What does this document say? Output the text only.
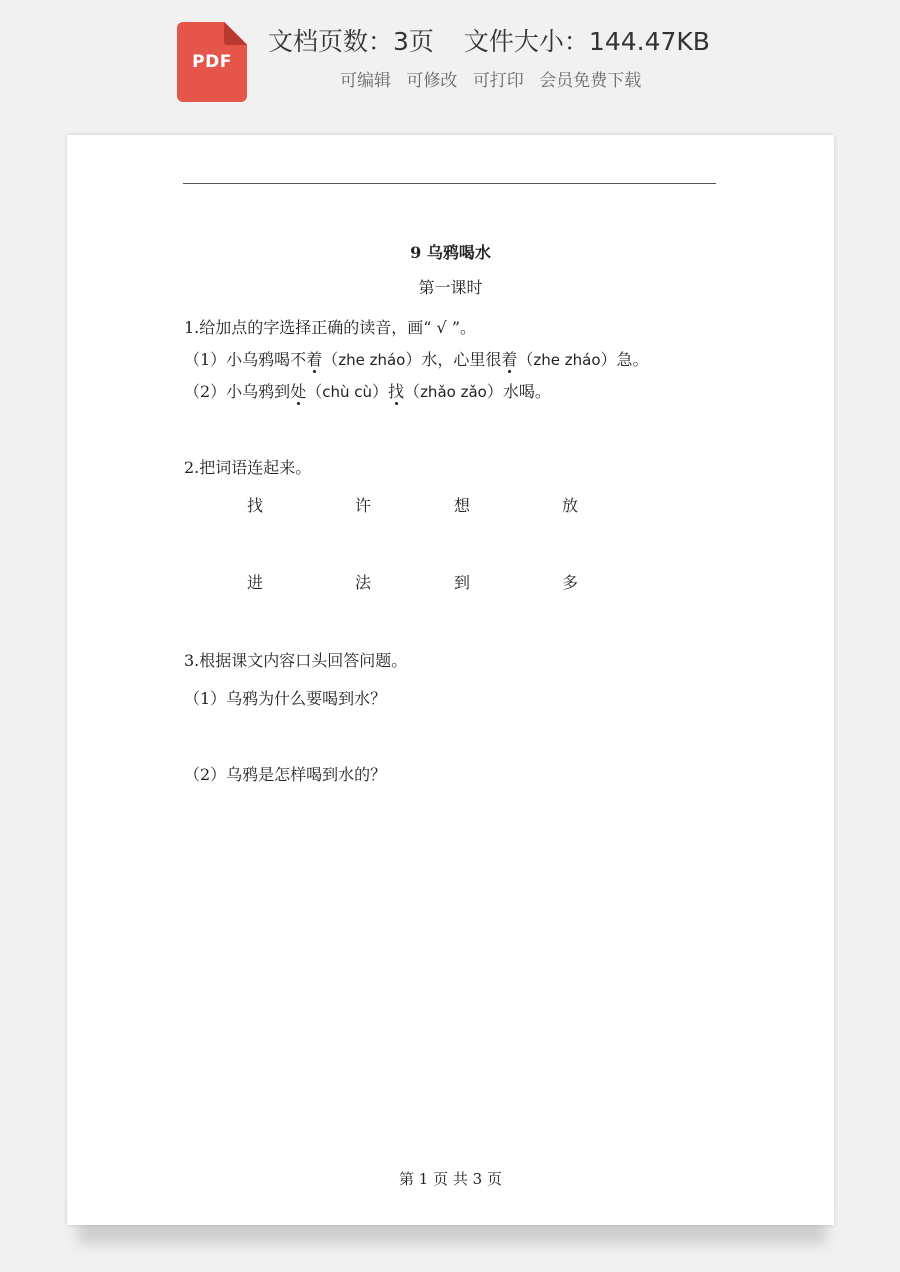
PDF
文档页数：3页 文件大小：144.47KB
可编辑 可修改 可打印 会员免费下载
9 乌鸦喝水
第一课时
1.给加点的字选择正确的读音，画“ √ ”。
（1）小乌鸦喝不着（zhe zháo）水，心里很着（zhe zháo）急。
（2）小乌鸦到处（chù cù）找（zhǎo zǎo）水喝。
2.把词语连起来。
找	许	想	放
进	法	到	多
3.根据课文内容口头回答问题。
（1）乌鸦为什么要喝到水？
（2）乌鸦是怎样喝到水的？
第 1 页 共 3 页
